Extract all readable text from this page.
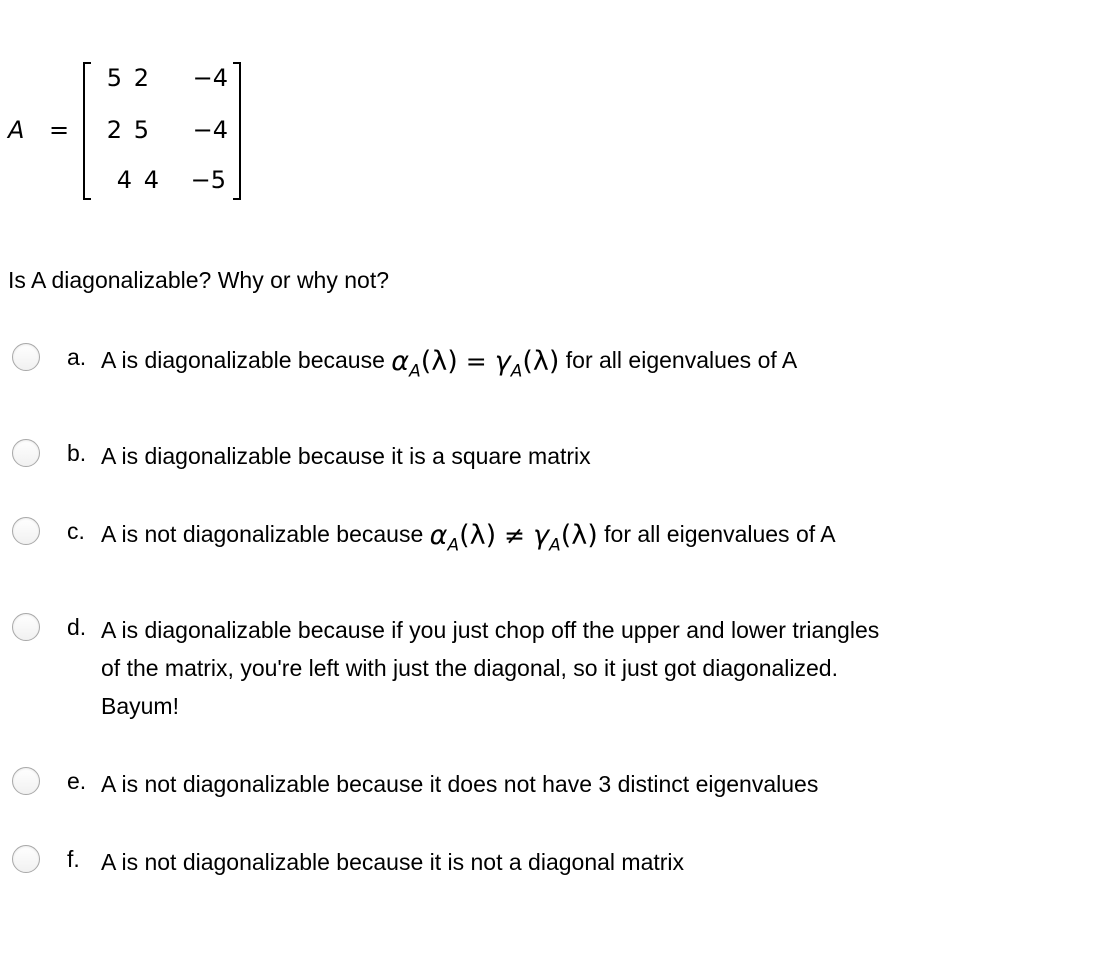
A =
5 2	−4
2 5	−4
4 4	−5
Is A diagonalizable? Why or why not?
a. A is diagonalizable because $\alpha_A(\lambda) = \gamma_A(\lambda)$ for all eigenvalues of A
b. A is diagonalizable because it is a square matrix
c. A is not diagonalizable because $\alpha_A(\lambda) \ne \gamma_A(\lambda)$ for all eigenvalues of A
d. A is diagonalizable because if you just chop off the upper and lower triangles
of the matrix, you're left with just the diagonal, so it just got diagonalized.
Bayum!
e. A is not diagonalizable because it does not have 3 distinct eigenvalues
f. A is not diagonalizable because it is not a diagonal matrix
